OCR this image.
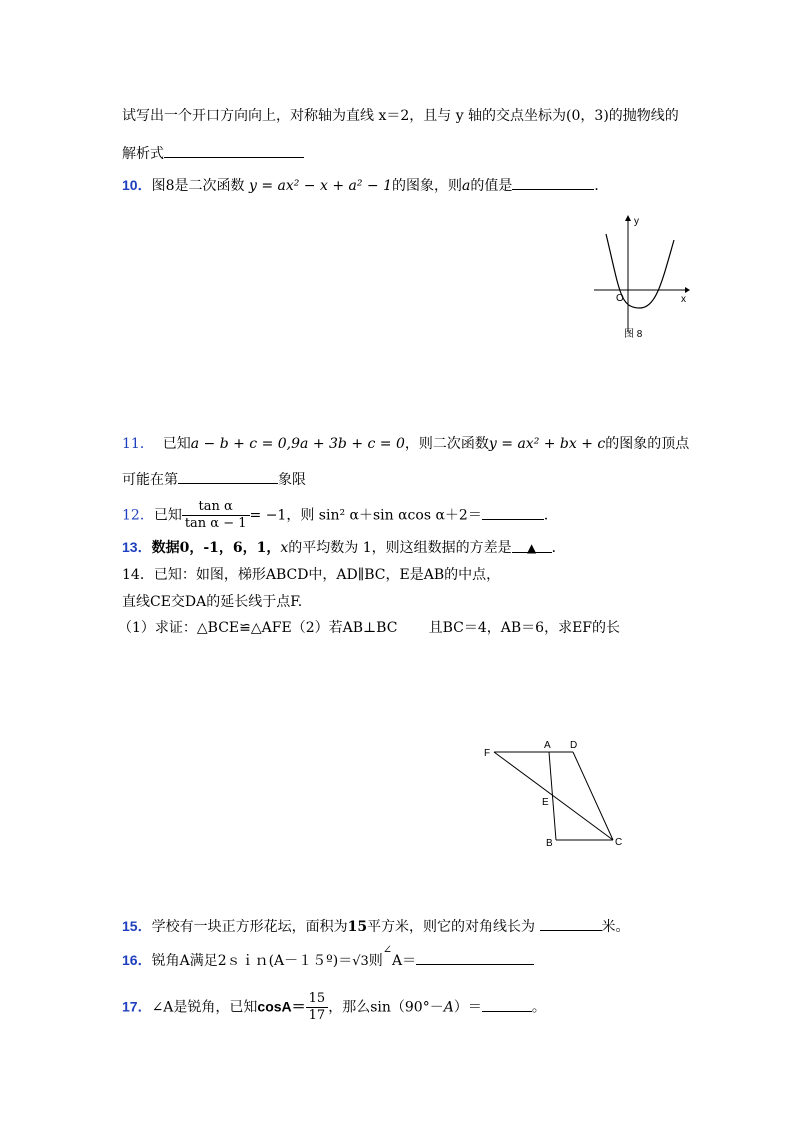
试写出一个开口方向向上，对称轴为直线 x＝2，且与 y 轴的交点坐标为(0，3)的抛物线的
解析式
10．图8是二次函数 y = ax² − x + a² − 1的图象，则a的值是	．
y
x
O
图 8
11． 已知a − b + c = 0,9a + 3b + c = 0，则二次函数y = ax² + bx + c的图象的顶点
可能在第	象限
12．已知 $\frac{\text{tan α}}{\text{tan α − 1}} = -1$，则 sin² α＋sin αcos α＋2＝	．
13．数据0，-1，6，1，x的平均数为 1，则这组数据的方差是 ▲ ．
14．已知：如图，梯形ABCD中，AD∥BC，E是AB的中点，
直线CE交DA的延长线于点F.
（1）求证：△BCE≌△AFE（2）若AB⊥BC 且BC＝4，AB＝6，求EF的长
F
A D
E
B	C
15．学校有一块正方形花坛，面积为15平方米，则它的对角线长为	米。
16．锐角A满足2ｓｉｎ(A－１５º)＝√3则∠A＝
17．∠A是锐角，已知$\cos A= \frac{15}{17}$ ，那么sin（90°－A）＝	。
